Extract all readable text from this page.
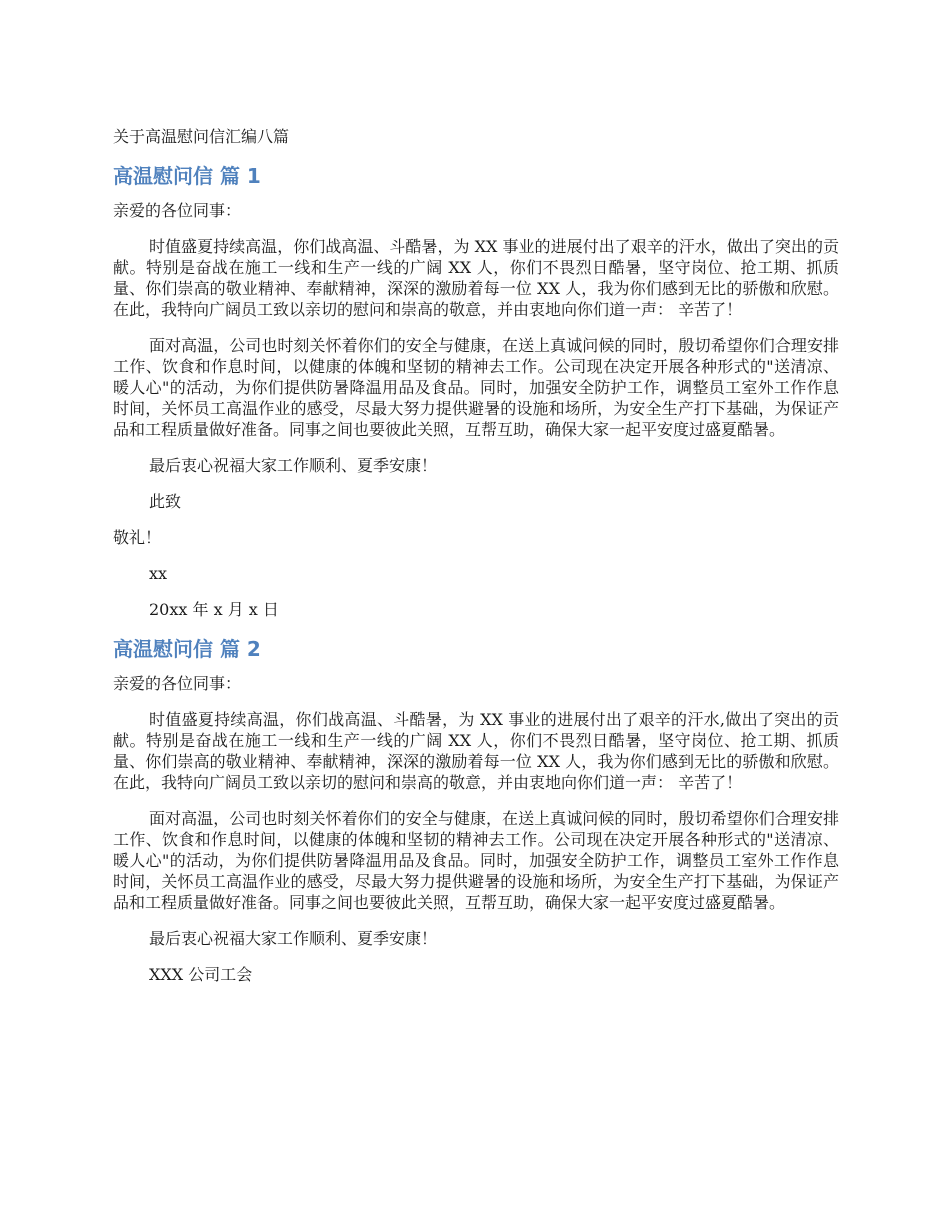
关于高温慰问信汇编八篇
高温慰问信 篇 1
亲爱的各位同事：
时值盛夏持续高温，你们战高温、斗酷暑，为 XX 事业的进展付出了艰辛的汗水，做出了突出的贡献。特别是奋战在施工一线和生产一线的广阔 XX 人，你们不畏烈日酷暑，坚守岗位、抢工期、抓质量、你们崇高的敬业精神、奉献精神，深深的激励着每一位 XX 人，我为你们感到无比的骄傲和欣慰。在此，我特向广阔员工致以亲切的慰问和崇高的敬意，并由衷地向你们道一声： 辛苦了！
面对高温，公司也时刻关怀着你们的安全与健康，在送上真诚问候的同时，殷切希望你们合理安排工作、饮食和作息时间，以健康的体魄和坚韧的精神去工作。公司现在决定开展各种形式的"送清凉、暖人心"的活动，为你们提供防暑降温用品及食品。同时，加强安全防护工作，调整员工室外工作作息时间，关怀员工高温作业的感受，尽最大努力提供避暑的设施和场所，为安全生产打下基础，为保证产品和工程质量做好准备。同事之间也要彼此关照，互帮互助，确保大家一起平安度过盛夏酷暑。
最后衷心祝福大家工作顺利、夏季安康！
此致
敬礼！
xx
20xx 年 x 月 x 日
高温慰问信 篇 2
亲爱的各位同事：
时值盛夏持续高温，你们战高温、斗酷暑，为 XX 事业的进展付出了艰辛的汗水,做出了突出的贡献。特别是奋战在施工一线和生产一线的广阔 XX 人，你们不畏烈日酷暑，坚守岗位、抢工期、抓质量、你们崇高的敬业精神、奉献精神，深深的激励着每一位 XX 人，我为你们感到无比的骄傲和欣慰。在此，我特向广阔员工致以亲切的慰问和崇高的敬意，并由衷地向你们道一声： 辛苦了！
面对高温，公司也时刻关怀着你们的安全与健康，在送上真诚问候的同时，殷切希望你们合理安排工作、饮食和作息时间，以健康的体魄和坚韧的精神去工作。公司现在决定开展各种形式的"送清凉、暖人心"的活动，为你们提供防暑降温用品及食品。同时，加强安全防护工作，调整员工室外工作作息时间，关怀员工高温作业的感受，尽最大努力提供避暑的设施和场所，为安全生产打下基础，为保证产品和工程质量做好准备。同事之间也要彼此关照，互帮互助，确保大家一起平安度过盛夏酷暑。
最后衷心祝福大家工作顺利、夏季安康！
XXX 公司工会
